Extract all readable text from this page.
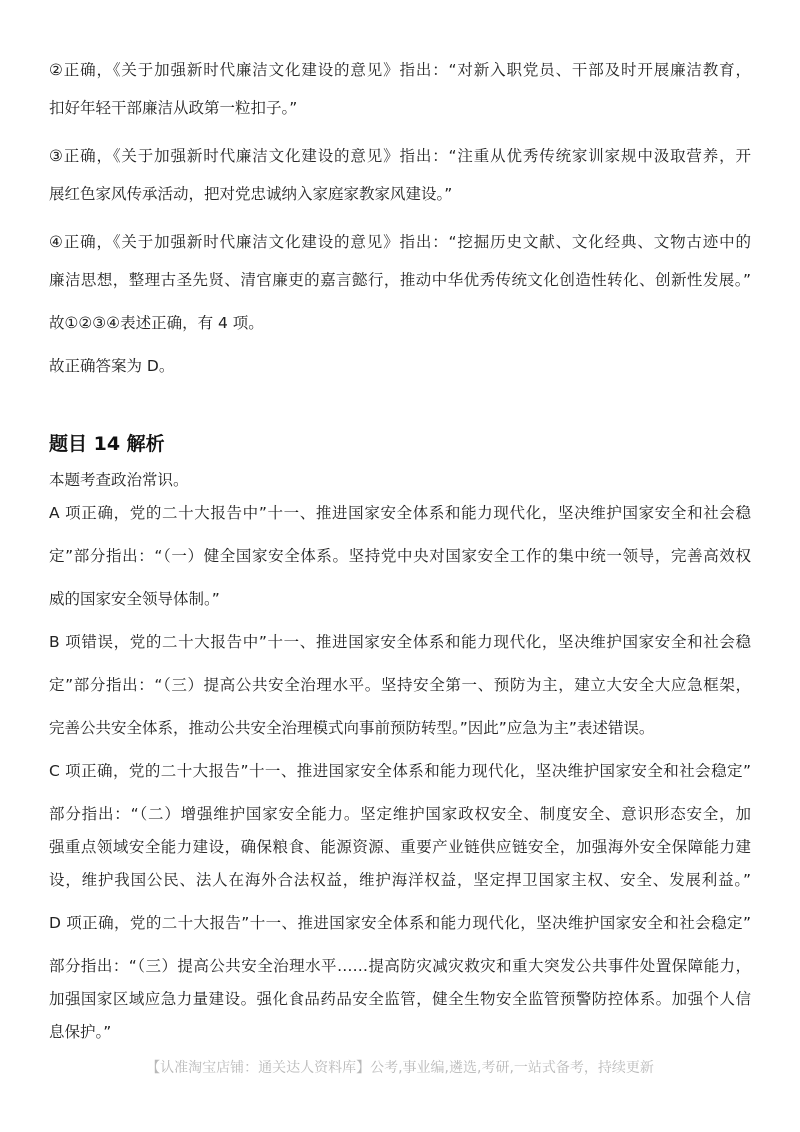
②正确，《关于加强新时代廉洁文化建设的意见》指出：“对新入职党员、干部及时开展廉洁教育，
扣好年轻干部廉洁从政第一粒扣子。”
③正确，《关于加强新时代廉洁文化建设的意见》指出：“注重从优秀传统家训家规中汲取营养，开
展红色家风传承活动，把对党忠诚纳入家庭家教家风建设。”
④正确，《关于加强新时代廉洁文化建设的意见》指出：“挖掘历史文献、文化经典、文物古迹中的
廉洁思想，整理古圣先贤、清官廉吏的嘉言懿行，推动中华优秀传统文化创造性转化、创新性发展。”
故①②③④表述正确，有 4 项。
故正确答案为 D。
题目 14 解析
本题考查政治常识。
A 项正确，党的二十大报告中”十一、推进国家安全体系和能力现代化，坚决维护国家安全和社会稳
定”部分指出：“（一）健全国家安全体系。坚持党中央对国家安全工作的集中统一领导，完善高效权
威的国家安全领导体制。”
B 项错误，党的二十大报告中”十一、推进国家安全体系和能力现代化，坚决维护国家安全和社会稳
定”部分指出：“（三）提高公共安全治理水平。坚持安全第一、预防为主，建立大安全大应急框架，
完善公共安全体系，推动公共安全治理模式向事前预防转型。”因此”应急为主”表述错误。
C 项正确，党的二十大报告”十一、推进国家安全体系和能力现代化，坚决维护国家安全和社会稳定”
部分指出：“（二）增强维护国家安全能力。坚定维护国家政权安全、制度安全、意识形态安全，加
强重点领域安全能力建设，确保粮食、能源资源、重要产业链供应链安全，加强海外安全保障能力建
设，维护我国公民、法人在海外合法权益，维护海洋权益，坚定捍卫国家主权、安全、发展利益。”
D 项正确，党的二十大报告”十一、推进国家安全体系和能力现代化，坚决维护国家安全和社会稳定”
部分指出：“（三）提高公共安全治理水平……提高防灾减灾救灾和重大突发公共事件处置保障能力，
加强国家区域应急力量建设。强化食品药品安全监管，健全生物安全监管预警防控体系。加强个人信
息保护。”
【认准淘宝店铺：通关达人资料库】公考,事业编,遴选,考研,一站式备考，持续更新
